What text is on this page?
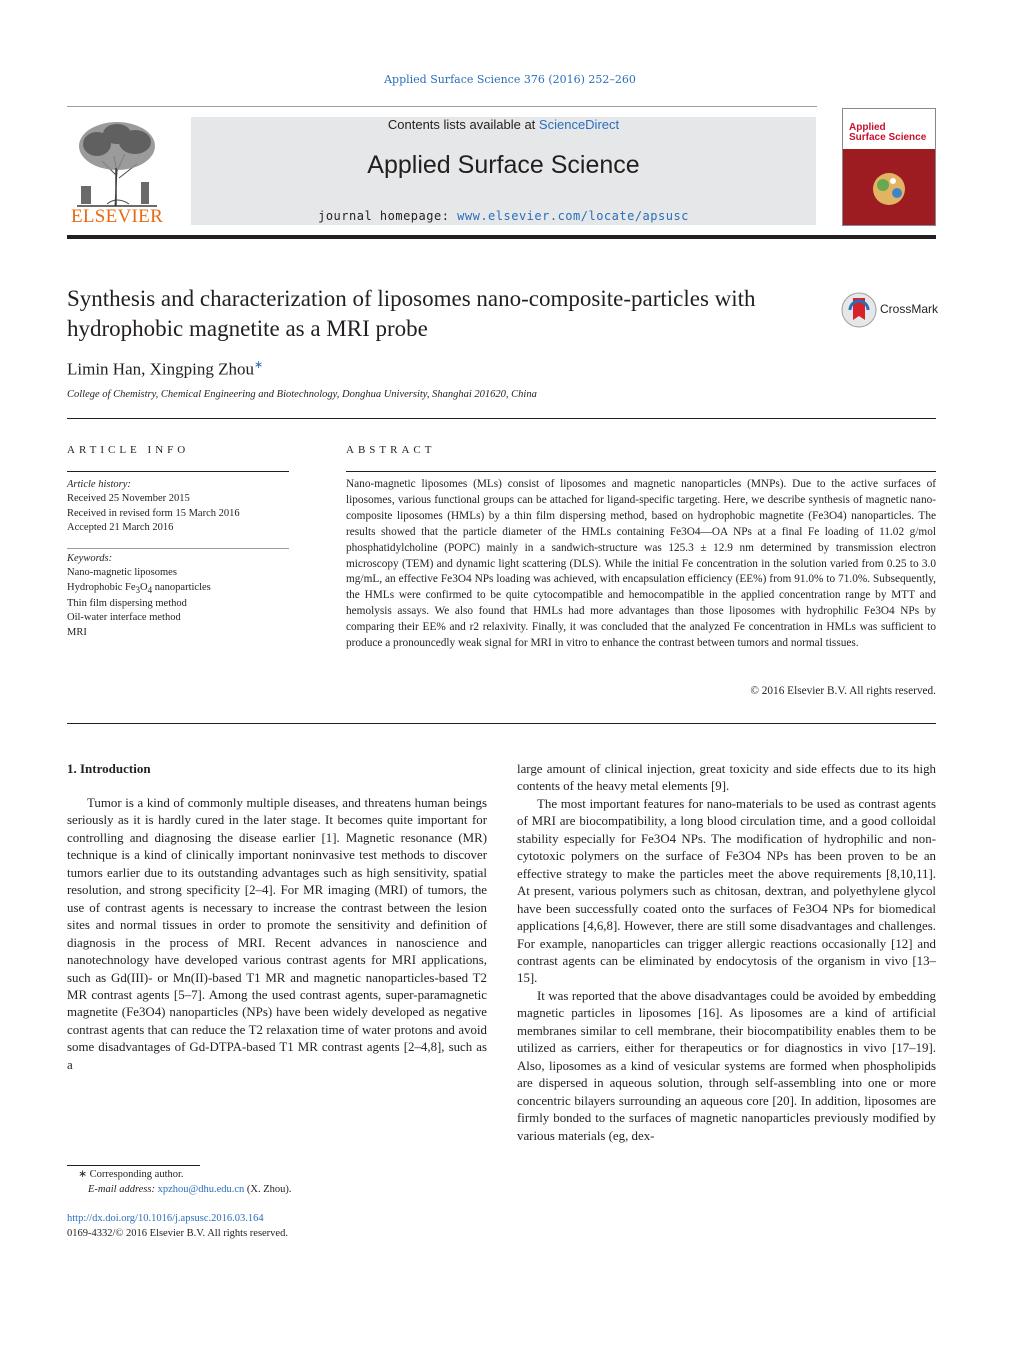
Applied Surface Science 376 (2016) 252–260
ELSEVIER
Contents lists available at ScienceDirect
Applied Surface Science
journal homepage: www.elsevier.com/locate/apsusc
Applied
Surface Science
Synthesis and characterization of liposomes nano-composite-particles with hydrophobic magnetite as a MRI probe
CrossMark
Limin Han, Xingping Zhou∗
College of Chemistry, Chemical Engineering and Biotechnology, Donghua University, Shanghai 201620, China
ARTICLE INFO
Article history:
Received 25 November 2015
Received in revised form 15 March 2016
Accepted 21 March 2016
Keywords:
Nano-magnetic liposomes
Hydrophobic $Fe_3O_4$ nanoparticles
Thin film dispersing method
Oil-water interface method
MRI
ABSTRACT
Nano-magnetic liposomes (MLs) consist of liposomes and magnetic nanoparticles (MNPs). Due to the active surfaces of liposomes, various functional groups can be attached for ligand-specific targeting. Here, we describe synthesis of magnetic nano-composite liposomes (HMLs) by a thin film dispersing method, based on hydrophobic magnetite (Fe3O4) nanoparticles. The results showed that the particle diameter of the HMLs containing Fe3O4—OA NPs at a final Fe loading of 11.02 g/mol phosphatidylcholine (POPC) mainly in a sandwich-structure was 125.3 ± 12.9 nm determined by transmission electron microscopy (TEM) and dynamic light scattering (DLS). While the initial Fe concentration in the solution varied from 0.25 to 3.0 mg/mL, an effective Fe3O4 NPs loading was achieved, with encapsulation efficiency (EE%) from 91.0% to 71.0%. Subsequently, the HMLs were confirmed to be quite cytocompatible and hemocompatible in the applied concentration range by MTT and hemolysis assays. We also found that HMLs had more advantages than those liposomes with hydrophilic Fe3O4 NPs by comparing their EE% and r2 relaxivity. Finally, it was concluded that the analyzed Fe concentration in HMLs was sufficient to produce a pronouncedly weak signal for MRI in vitro to enhance the contrast between tumors and normal tissues.
© 2016 Elsevier B.V. All rights reserved.
1. Introduction

Tumor is a kind of commonly multiple diseases, and threatens human beings seriously as it is hardly cured in the later stage. It becomes quite important for controlling and diagnosing the disease earlier [1]. Magnetic resonance (MR) technique is a kind of clinically important noninvasive test methods to discover tumors earlier due to its outstanding advantages such as high sensitivity, spatial resolution, and strong specificity [2–4]. For MR imaging (MRI) of tumors, the use of contrast agents is necessary to increase the contrast between the lesion sites and normal tissues in order to promote the sensitivity and definition of diagnosis in the process of MRI. Recent advances in nanoscience and nanotechnology have developed various contrast agents for MRI applications, such as Gd(III)- or Mn(II)-based T1 MR and magnetic nanoparticles-based T2 MR contrast agents [5–7]. Among the used contrast agents, super-paramagnetic magnetite (Fe3O4) nanoparticles (NPs) have been widely developed as negative contrast agents that can reduce the T2 relaxation time of water protons and avoid some disadvantages of Gd-DTPA-based T1 MR contrast agents [2–4,8], such as a

large amount of clinical injection, great toxicity and side effects due to its high contents of the heavy metal elements [9].

The most important features for nano-materials to be used as contrast agents of MRI are biocompatibility, a long blood circulation time, and a good colloidal stability especially for Fe3O4 NPs. The modification of hydrophilic and non-cytotoxic polymers on the surface of Fe3O4 NPs has been proven to be an effective strategy to make the particles meet the above requirements [8,10,11]. At present, various polymers such as chitosan, dextran, and polyethylene glycol have been successfully coated onto the surfaces of Fe3O4 NPs for biomedical applications [4,6,8]. However, there are still some disadvantages and challenges. For example, nanoparticles can trigger allergic reactions occasionally [12] and contrast agents can be eliminated by endocytosis of the organism in vivo [13–15].

It was reported that the above disadvantages could be avoided by embedding magnetic particles in liposomes [16]. As liposomes are a kind of artificial membranes similar to cell membrane, their biocompatibility enables them to be utilized as carriers, either for therapeutics or for diagnostics in vivo [17–19]. Also, liposomes as a kind of vesicular systems are formed when phospholipids are dispersed in aqueous solution, through self-assembling into one or more concentric bilayers surrounding an aqueous core [20]. In addition, liposomes are firmly bonded to the surfaces of magnetic nanoparticles previously modified by various materials (eg, dex-

∗ Corresponding author.
E-mail address: xpzhou@dhu.edu.cn (X. Zhou).
http://dx.doi.org/10.1016/j.apsusc.2016.03.164
0169-4332/© 2016 Elsevier B.V. All rights reserved.
